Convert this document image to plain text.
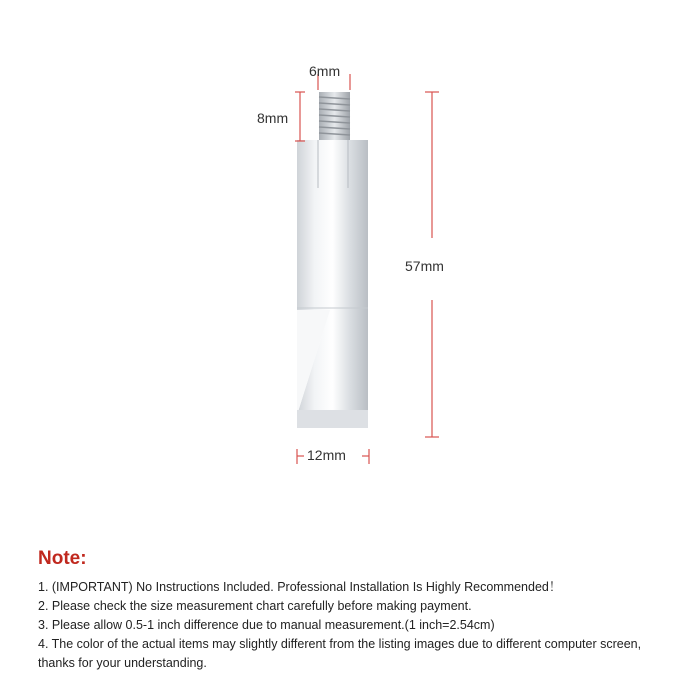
6mm
8mm
57mm
12mm
Note:

1. (IMPORTANT) No Instructions Included. Professional Installation Is Highly Recommended！

2. Please check the size measurement chart carefully before making payment.

3. Please allow 0.5-1 inch difference due to manual measurement.(1 inch=2.54cm)

4. The color of the actual items may slightly different from the listing images due to different computer screen, thanks for your understanding.
